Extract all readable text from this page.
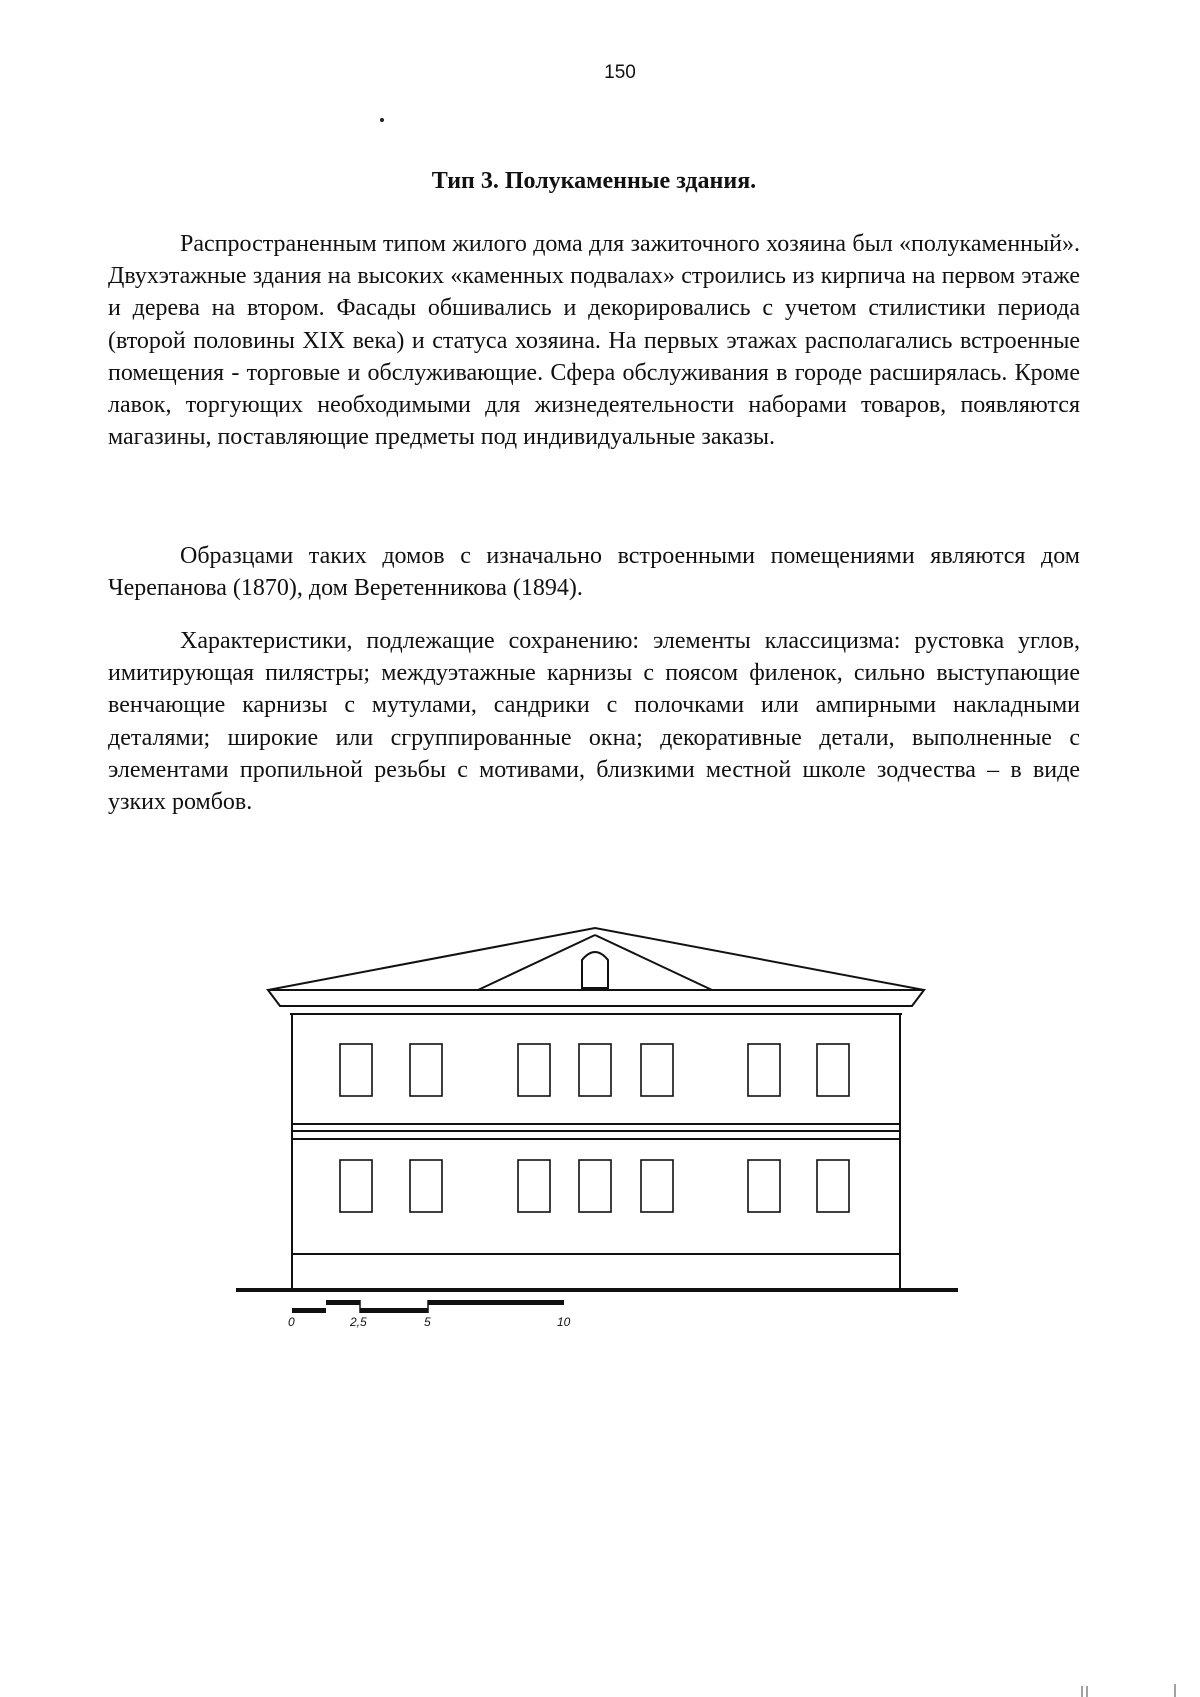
150
Тип 3. Полукаменные здания.

Распространенным типом жилого дома для зажиточного хозяина был «полукаменный». Двухэтажные здания на высоких «каменных подвалах» строились из кирпича на первом этаже и дерева на втором. Фасады обшивались и декорировались с учетом стилистики периода (второй половины XIX века) и статуса хозяина. На первых этажах располагались встроенные помещения - торговые и обслуживающие. Сфера обслуживания в городе расширялась. Кроме лавок, торгующих необходимыми для жизнедеятельности наборами товаров, появляются магазины, поставляющие предметы под индивидуальные заказы.

Образцами таких домов с изначально встроенными помещениями являются дом Черепанова (1870), дом Веретенникова (1894).

Характеристики, подлежащие сохранению: элементы классицизма: рустовка углов, имитирующая пилястры; междуэтажные карнизы с поясом филенок, сильно выступающие венчающие карнизы с мутулами, сандрики с полочками или ампирными накладными деталями; широкие или сгруппированные окна; декоративные детали, выполненные с элементами пропильной резьбы с мотивами, близкими местной школе зодчества – в виде узких ромбов.

0	2,5	5	10
